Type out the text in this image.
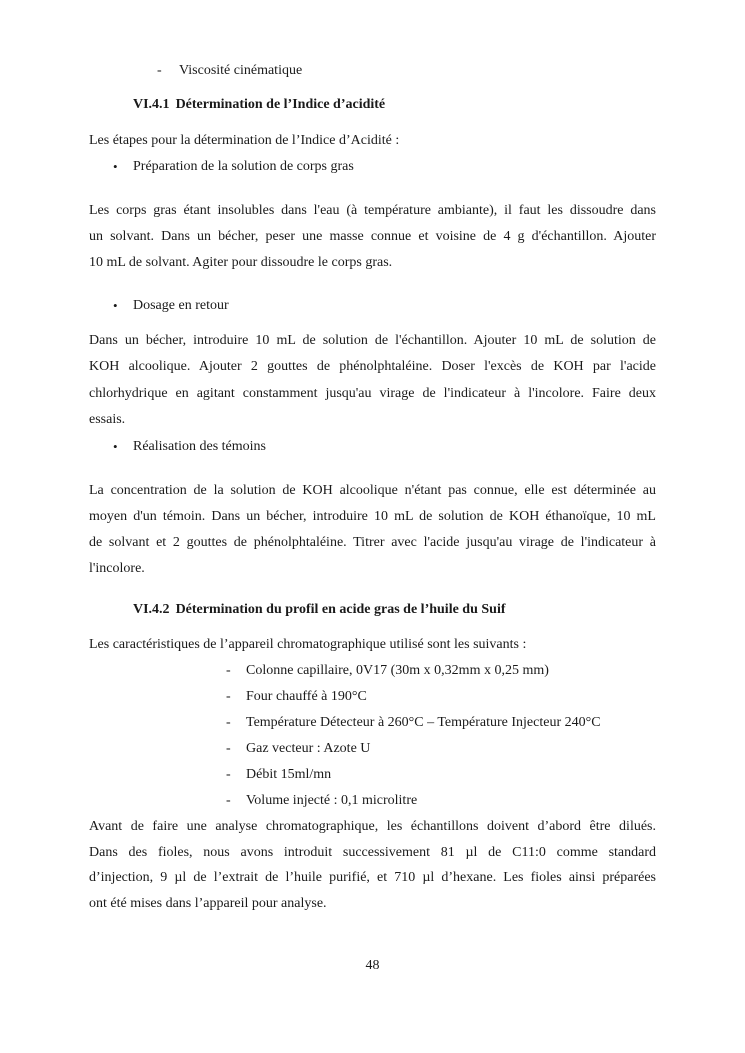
- Viscosité cinématique
VI.4.1 Détermination de l’Indice d’acidité
Les étapes pour la détermination de l’Indice d’Acidité :
• Préparation de la solution de corps gras
Les corps gras étant insolubles dans l'eau (à température ambiante), il faut les dissoudre dans
un solvant. Dans un bécher, peser une masse connue et voisine de 4 g d'échantillon. Ajouter
10 mL de solvant. Agiter pour dissoudre le corps gras.
• Dosage en retour
Dans un bécher, introduire 10 mL de solution de l'échantillon. Ajouter 10 mL de solution de
KOH alcoolique. Ajouter 2 gouttes de phénolphtaléine. Doser l'excès de KOH par l'acide
chlorhydrique en agitant constamment jusqu'au virage de l'indicateur à l'incolore. Faire deux
essais.
• Réalisation des témoins
La concentration de la solution de KOH alcoolique n'étant pas connue, elle est déterminée au
moyen d'un témoin. Dans un bécher, introduire 10 mL de solution de KOH éthanoïque, 10 mL
de solvant et 2 gouttes de phénolphtaléine. Titrer avec l'acide jusqu'au virage de l'indicateur à
l'incolore.
VI.4.2 Détermination du profil en acide gras de l’huile du Suif
Les caractéristiques de l’appareil chromatographique utilisé sont les suivants :
- Colonne capillaire, 0V17 (30m x 0,32mm x 0,25 mm)
- Four chauffé à 190°C
- Température Détecteur à 260°C – Température Injecteur 240°C
- Gaz vecteur : Azote U
- Débit 15ml/mn
- Volume injecté : 0,1 microlitre
Avant de faire une analyse chromatographique, les échantillons doivent d’abord être dilués.
Dans des fioles, nous avons introduit successivement 81 µl de C11:0 comme standard
d’injection, 9 µl de l’extrait de l’huile purifié, et 710 µl d’hexane. Les fioles ainsi préparées
ont été mises dans l’appareil pour analyse.
48
